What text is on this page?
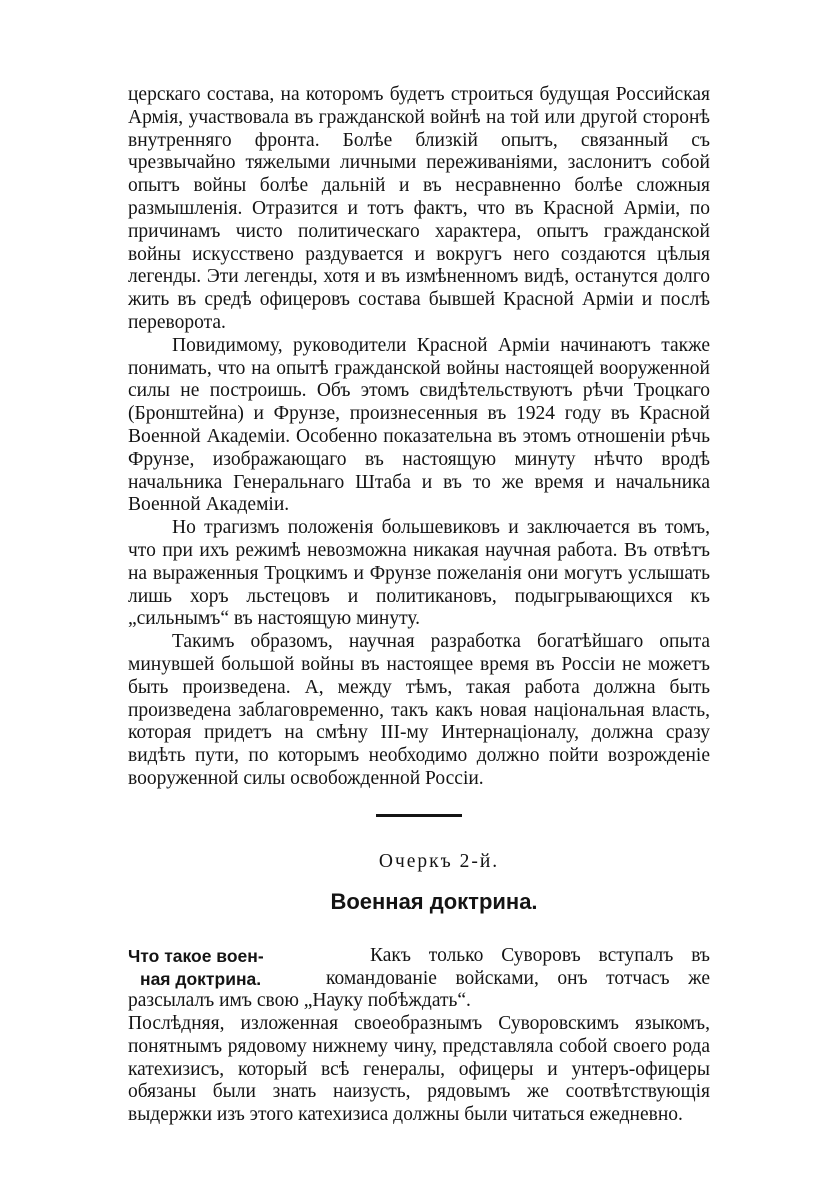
церскаго состава, на которомъ будетъ строиться будущая Российская Армія, участвовала въ гражданской войнѣ на той или другой сторонѣ внутренняго фронта. Болѣе близкій опытъ, связанный съ чрезвычайно тяжелыми личными переживаніями, заслонитъ собой опытъ войны болѣе дальній и въ несравненно болѣе сложныя размышленія. Отразится и тотъ фактъ, что въ Красной Арміи, по причинамъ чисто политическаго характера, опытъ гражданской войны искусствено раздувается и вокругъ него создаются цѣлыя легенды. Эти легенды, хотя и въ измѣненномъ видѣ, останутся долго жить въ средѣ офицеровъ состава бывшей Красной Арміи и послѣ переворота.

Повидимому, руководители Красной Арміи начинаютъ также понимать, что на опытѣ гражданской войны настоящей вооруженной силы не построишь. Объ этомъ свидѣтельствуютъ рѣчи Троцкаго (Бронштейна) и Фрунзе, произнесенныя въ 1924 году въ Красной Военной Академіи. Особенно показательна въ этомъ отношеніи рѣчь Фрунзе, изображающаго въ настоящую минуту нѣчто вродѣ начальника Генеральнаго Штаба и въ то же время и начальника Военной Академіи.

Но трагизмъ положенія большевиковъ и заключается въ томъ, что при ихъ режимѣ невозможна никакая научная работа. Въ отвѣтъ на выраженныя Троцкимъ и Фрунзе пожеланія они могутъ услышать лишь хоръ льстецовъ и политикановъ, подыгрывающихся къ „сильнымъ“ въ настоящую минуту.

Такимъ образомъ, научная разработка богатѣйшаго опыта минувшей большой войны въ настоящее время въ Россіи не можетъ быть произведена. А, между тѣмъ, такая работа должна быть произведена заблаговременно, такъ какъ новая національная власть, которая придетъ на смѣну III-му Интернаціоналу, должна сразу видѣть пути, по которымъ необходимо должно пойти возрожденіе вооруженной силы освобожденной Россіи.

Очеркъ 2-й.
Военная доктрина.
Что такое воен-
ная доктрина.

Какъ только Суворовъ вступалъ въ командованіе войсками, онъ тотчасъ же разсылалъ имъ свою „Науку побѣждать“.

Послѣдняя, изложенная своеобразнымъ Суворовскимъ языкомъ, понятнымъ рядовому нижнему чину, представляла собой своего рода катехизисъ, который всѣ генералы, офицеры и унтеръ-офицеры обязаны были знать наизусть, рядовымъ же соотвѣтствующія выдержки изъ этого катехизиса должны были читаться ежедневно.
